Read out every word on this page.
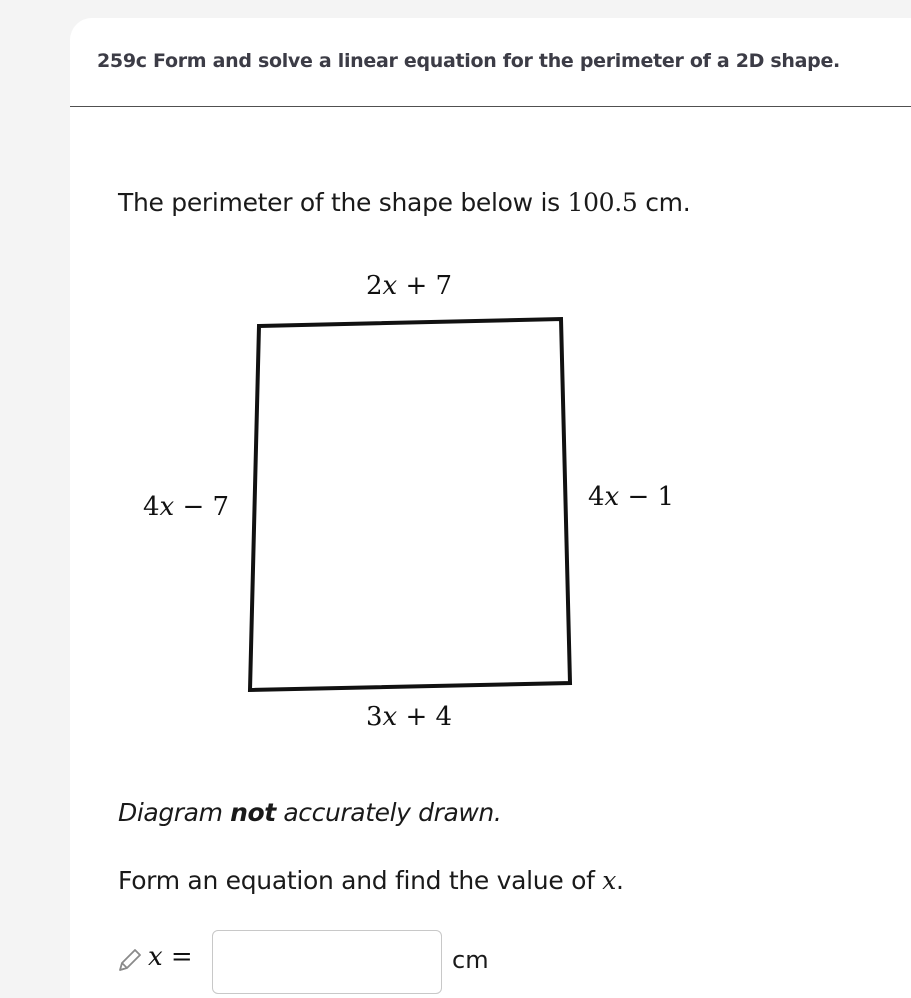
259c Form and solve a linear equation for the perimeter of a 2D shape.
The perimeter of the shape below is 100.5 cm.
2x + 7
4x − 7	4x − 1
3x + 4
Diagram not accurately drawn.
Form an equation and find the value of x.
x =	cm
